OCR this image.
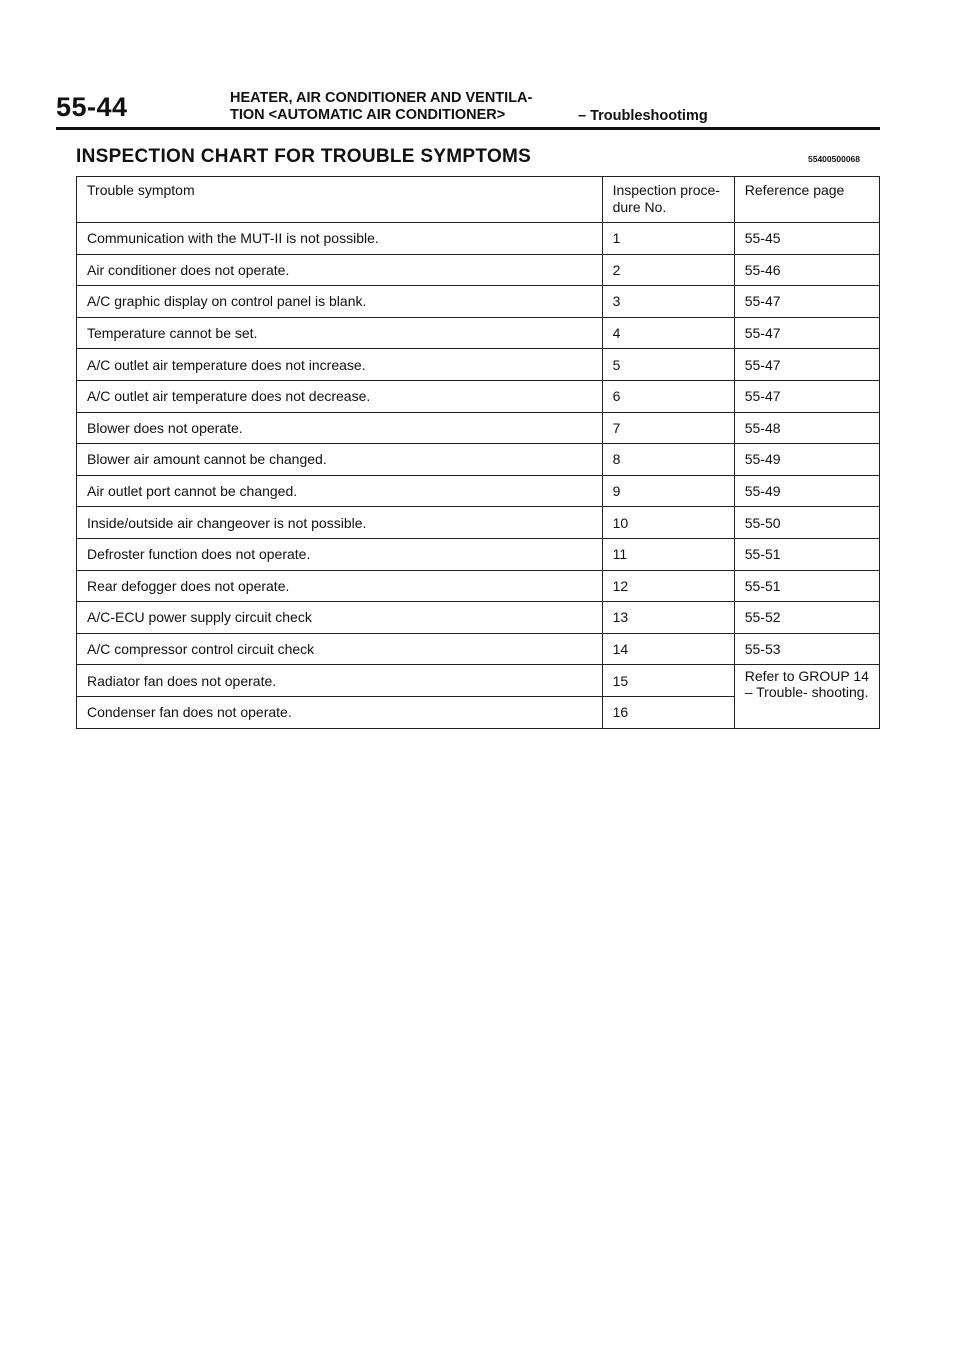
55-44	HEATER, AIR CONDITIONER AND VENTILA-
TION <AUTOMATIC AIR CONDITIONER>	– Troubleshootimg
INSPECTION CHART FOR TROUBLE SYMPTOMS	55400500068
Trouble symptom	Inspection proce- dure No.	Reference page
Communication with the MUT-II is not possible.	1	55-45
Air conditioner does not operate.	2	55-46
A/C graphic display on control panel is blank.	3	55-47
Temperature cannot be set.	4	55-47
A/C outlet air temperature does not increase.	5	55-47
A/C outlet air temperature does not decrease.	6	55-47
Blower does not operate.	7	55-48
Blower air amount cannot be changed.	8	55-49
Air outlet port cannot be changed.	9	55-49
Inside/outside air changeover is not possible.	10	55-50
Defroster function does not operate.	11	55-51
Rear defogger does not operate.	12	55-51
A/C-ECU power supply circuit check	13	55-52
A/C compressor control circuit check	14	55-53
Radiator fan does not operate.	15	Refer to GROUP 14 – Trouble- shooting.
Condenser fan does not operate.	16	
